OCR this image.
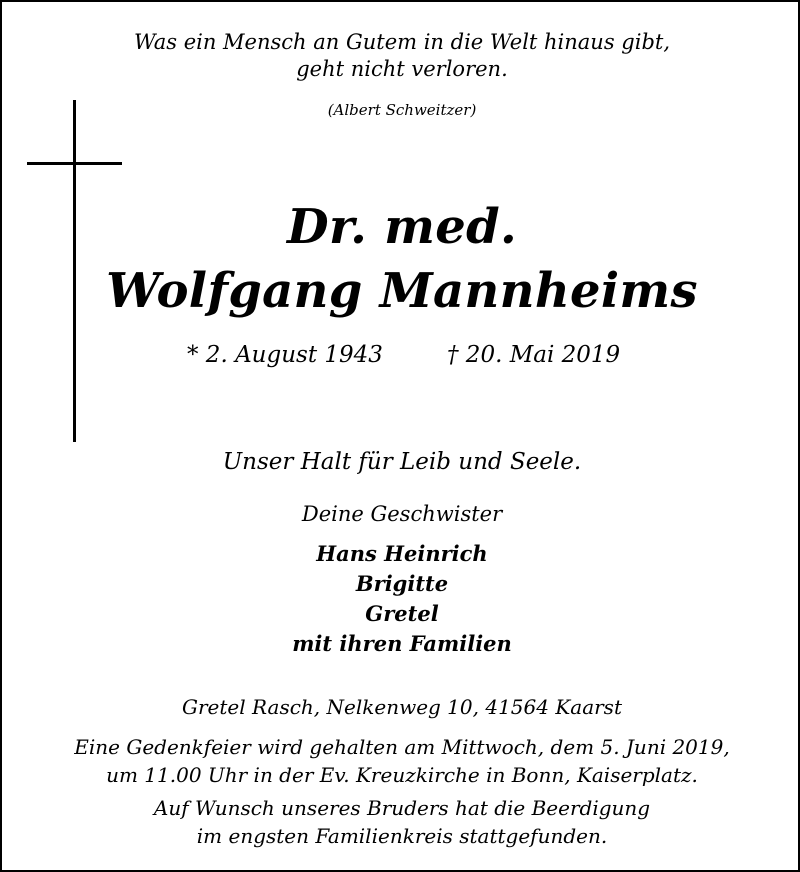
Was ein Mensch an Gutem in die Welt hinaus gibt,
geht nicht verloren.
(Albert Schweitzer)
Dr. med.
Wolfgang Mannheims
* 2. August 1943	† 20. Mai 2019
Unser Halt für Leib und Seele.
Deine Geschwister
Hans Heinrich
Brigitte
Gretel
mit ihren Familien
Gretel Rasch, Nelkenweg 10, 41564 Kaarst
Eine Gedenkfeier wird gehalten am Mittwoch, dem 5. Juni 2019,
um 11.00 Uhr in der Ev. Kreuzkirche in Bonn, Kaiserplatz.
Auf Wunsch unseres Bruders hat die Beerdigung
im engsten Familienkreis stattgefunden.
